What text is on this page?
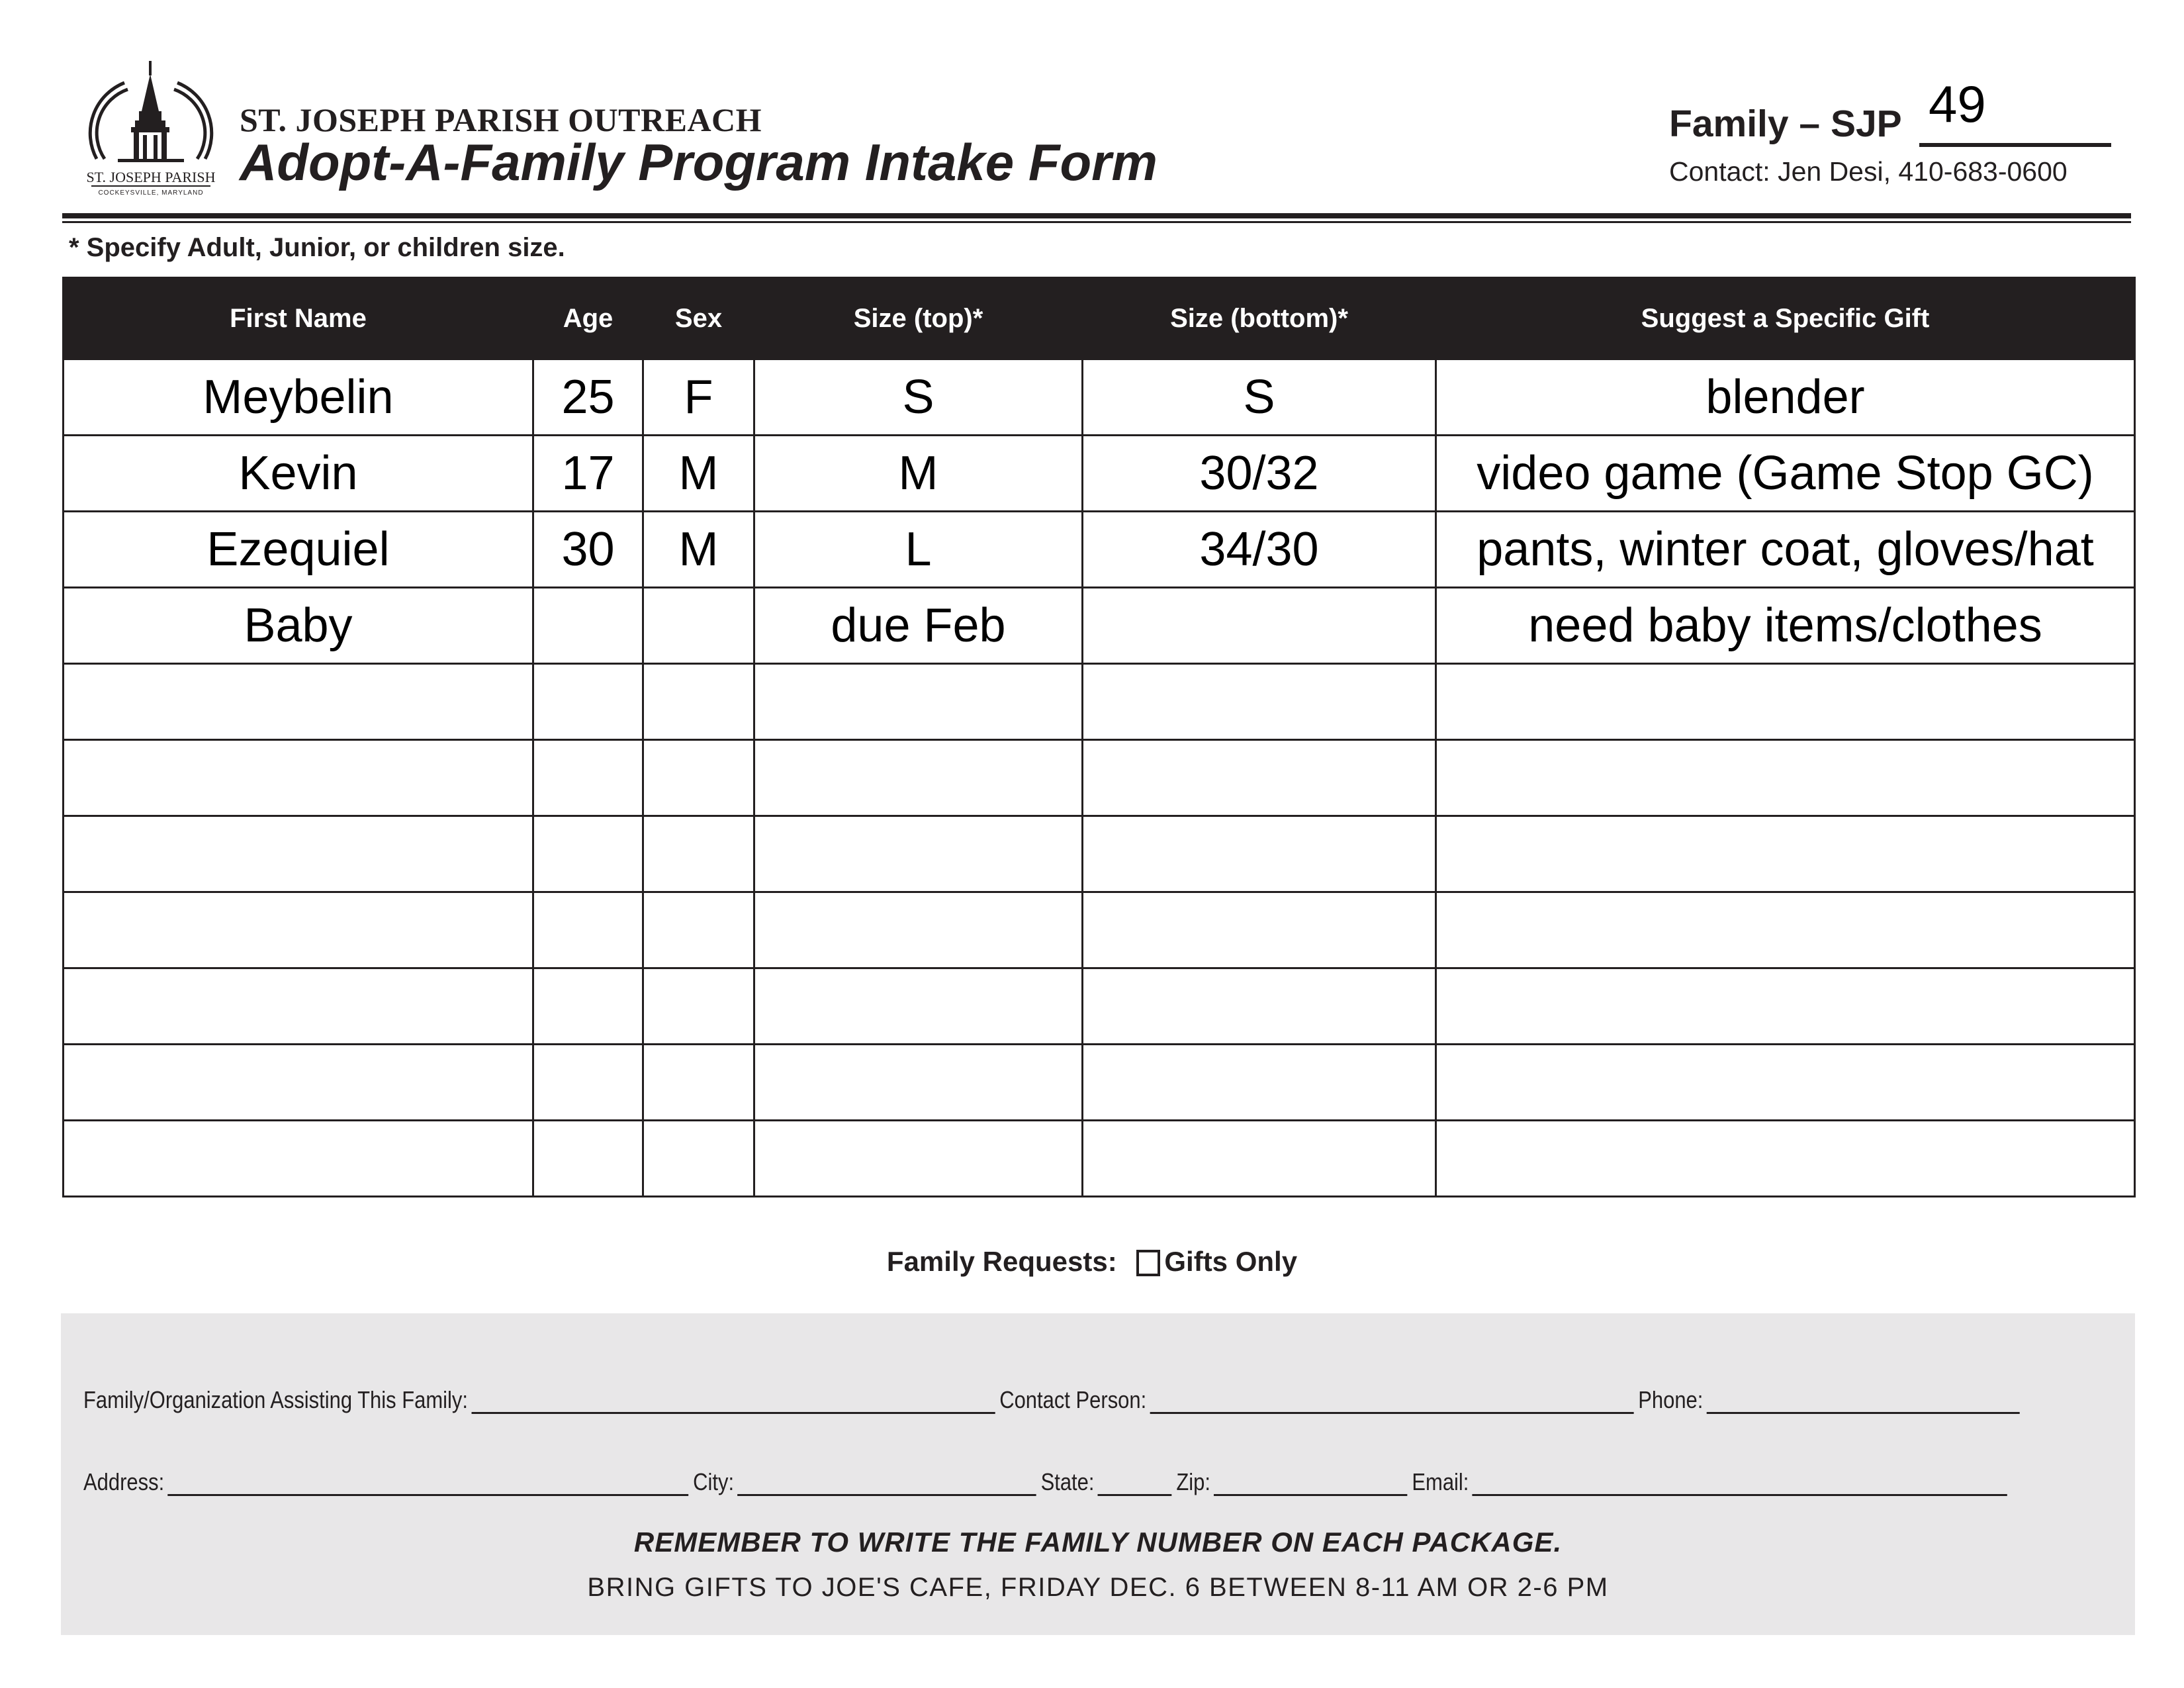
ST. JOSEPH PARISH
COCKEYSVILLE, MARYLAND
ST. JOSEPH PARISH OUTREACH
Adopt-A-Family Program Intake Form
Family – SJP 49
Contact: Jen Desi, 410-683-0600
* Specify Adult, Junior, or children size.
First Name	Age	Sex	Size (top)*	Size (bottom)*	Suggest a Specific Gift
Meybelin	25	F	S	S	blender
Kevin	17	M	M	30/32	video game (Game Stop GC)
Ezequiel	30	M	L	34/30	pants, winter coat, gloves/hat
Baby			due Feb		need baby items/clothes

Family Requests: Gifts Only
Family/Organization Assisting This Family:	Contact Person:	Phone:
Address:	City:	State:	Zip:	Email:
REMEMBER TO WRITE THE FAMILY NUMBER ON EACH PACKAGE.
BRING GIFTS TO JOE'S CAFE, FRIDAY DEC. 6 BETWEEN 8-11 AM OR 2-6 PM
